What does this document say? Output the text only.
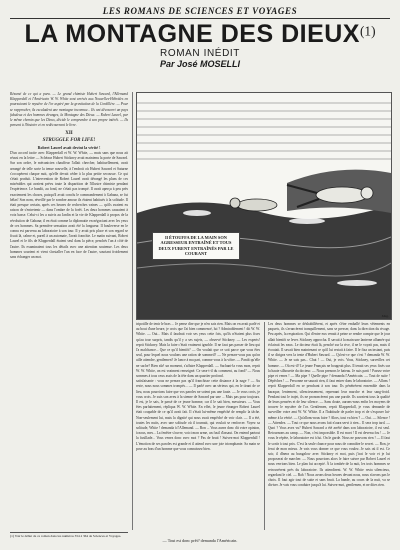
LES ROMANS DE SCIENCES ET VOYAGES
LA MONTAGNE DES DIEUX$^{(1)}$
ROMAN INÉDIT
Par José MOSELLI

Résumé de ce qui a paru. — Le grand chimiste Hubert Saward, l'Allemand Klapperdall et l'Américain W. W. White sont arrivés aux Nouvelles-Hébrides en poursuivant le mystère de l'or aspiré par la gravitation de la Cordillère. — Pour se rapprocher, ils escaladent une montagne inconnue... Ils ont découvert un pays fabuleux et des hommes étranges, la Montagne des Dieux. — Robert Laurel, par le même chemin que les Dieux, décide le comprendre à son propre intérêt. — Ils pensent à l'histoire et en redécouvrant le livre.

XII
STRUGGLE FOR LIFE!
Robert Laurel avait devint la vérité !

D'un accord tacite avec Klapperdall et W. W. White, — mais sans que nous ait réussi en la lettre — Schéaur Hubert Stickney avait maintenu la porte de Saward. Sur son ordre, le mécanicien chauffeur l'allait chercher, habituellement, avait arrangé de telle sorte la tenue nouvelle, à l'endroit où Hubert Saward et Saturne s'occupèrent chaque nuit, qu'elle devait céder à la plus petite secousse. Ce qui s'était produit. L'intervention de Robert Laurel avait dérangé les plans de ces misérables qui avaient prévu toute la disparition de l'illustre chimiste pendant l'expérience. Le bandit, au fond, ne s'était pas trompé. Il avait aperçu à peu près exactement les choses, puisqu'il avait conclu le commandement à Gabana, se fut hélas! Son nom, réveillé par le sombre amour ils étaient habitués à la solitude. Il était presque certain, après ces heures de recherches vaines — qu'ils avaient eu raison de s'entretenir — dans l'ombre de la forêt. Les deux hommes causaient à voix basse. Celui-ci les a suivis au Jardin et la vie de Klapperdall à propos de la révolution de Gabana; il en était comme la diplomatie en négociant avec les yeux de ces hommes. Sa première sensation avait été la longueur. Il bouleverse en le connu est parvenu au laboratoire à son tour. Il y avait pris place et son regard se fixait là, calme et, pareil à un automate, l'avait franchie. Le matin suivant, Robert Laurel et le fils de Klapperdall étaient seul dans la pièce, penchés l'un à côté de l'autre. Ils examinaient tous les détails avec une attention soutenue. Les deux hommes sourient et vient s'installer l'un en face de l'autre, souriant froidement sans échanger un mot.

Mag.
Il ÉTOUFFA DE LA MAIN SON AGRESSEUR ENTRAÎNÉ ET TOUS DEUX FURENT ENTRAÎNÉS PAR LE COURANT

tripotille de tenir le bras ... Je pense dire que je n'en sais rien. Mais on en avait parlé et au bout d'une heure, je crois que l'ai bien commencé, lui ? Admirablement ! dit W. W. White. — Oui... Mais il faudrait voir ses yeux cette fois, qu'ils n'étaient plus fixes qu'au tour surpris, tandis qu'il y a ses sujets, — observé Stickney. — Les experts! reprit Stickney. Mais la faire c'était vraiment ignoble. Il ne faut pas passer de lieu qui l'a malchance... Que ce qu'il bientôt? — On voulait que ce soit parce que vous êtes seul, pour lequel nous voulons une ration de sommeil? — Ne pensez-vous pas qu'on aille attendre, gentlemen? Je lance à ma part, comme vous à la vôtre. — Paraît qu'elle ne sache? Bien sûr! un moment, s'affaire Klapperdall. — Sachant-la vous mon, reprit W. W. White, on est vraiment renseigné. Ce sera-t-il du comment, au fond? — Nous sommes à tous ceux assis de la tête dans un quartier profond.

satisfaisante : vous ne pensez pas qu'il franchisse cette distance à la nage ? — Au reste, nous nous sommes trompés... — Il parlé avec un sérieux qui, en le tirant de ce lieu, nous pourrions faire que vos paroles ne soient pas une faute. — Je vous crois, je vous crois. Je suis son aveu à la sienne de Saward par une ... Mais pas pour toujours. Il est, je le sais, le passé de ce jeune homme, car il le sait bien, messieurs. — Vous êtes parfaitement, répliqua W. W. White. En effet, le jeune étranger Robert Laurel était coupable de ce qu'il avait fait. Il s'était lui-même empêché de remplir la tâche. Non-seulement lui, mais la dignité qui nous avait empêché de voir clair. — Il a été, toutes les nuits, avec une solitude où il tournait, qui voulait se renforcer. Voyez sa solitude, White ! demanda à l'Allemand. — Bon ... Vous aurez donc dit votre opinion, à nous, mes... La fenêtre s'ouvre, voici mon arme, un fusil d'assaut. On entend partout la fusillade... Vous venez donc avec moi ? Pas de bruit ! Suivez-moi Klapperdall ! L'émotion de ses paroles est grande et il attend avec une joie triomphante. Sa main se pose au bras d'un homme que vous connaissez bien.

Les deux hommes se déshabillèrent, et après s'être emballé leurs vêtements en paquets, ils s'avancèrent tranquillement, sans se presser, dans la direction du rivage. Peu après, la respiration. Qui d'entre eux venait à peine se rendre compte que le jour allait bientôt se lever. Stickney approcha. Il savait à la main une lanterne allumée qui éclairait les eaux. Le docteur était là, penché sur la rive, il ne le voyait pas, mais il écoutait. Il savait bien maintenant ce qu'il lui restait à faire. Il le fixa un instant, puis il se dirigea vers la tente d'Hubert Saward. — Qu'est-ce que c'est ? demanda W. W. White. — Je ne sais pas... Chut ! — Oui, je vois. Vous, Stickney, surveillez cet homme. — Où est-il? Le jeune Français ne bougeait plus. Il tenait ses yeux fixés sur la haute silhouette du docteur. — Nous prenons le bateau. Je suis parti ! Passez votre pipe et venez ! — Ma pipe ? Quelle pipe ? demanda l'Américain. — Tout de suite ! Dépêchez ! — Personne ne saurait rien, il faut entrer dans le laboratoire. — Allons ! reprit Klapperdall en se penchant à son tour. Ils pénétrèrent ensemble dans la baraque, lentement, silencieusement, reprenant leur marche et leur sang-froid. Pendant tout le trajet, ils ne prononcèrent pas une parole. Ils savaient tous la qualité de leurs pensées et de leur silence. — Sans doute, aurons-nous enfin les moyens de trouver le mystère de l'or. Gentlemen, reprit Klapperdall, je vous demande de surveiller votre ami W. W. White. Il a l'habitude de parler trop et de s'exposer lui-même à la vérité. — Qu'allons-nous faire ? Alors, tout va bien ? — Oui. — Silence ! — Attendez. — Tout ce que nous avons fait n'aura servi à rien... Il sera trop tard. — Quoi ? Vous avez vu? Hubert Saward a été arrêté dans son laboratoire, il est seul. Retournons au camp. — Non, c'est impossible. Il est mort ! Il est devenu fou ! — Je vous le répète, le laboratoire est à lui. On le garde. Nous ne pouvons rien ! — Il faut le sortir à tout prix. C'est la seule chance pour nous de connaître le secret. — Bon, je ferai de mon mieux. Je vais vous donner ce que vous voulez. Je sais où il est. Ce soir, il dînera au bungalow avec Stickney et moi, puis j'irai le voir et je lui proposerai de marcher. — Nous pourrions alors le faire suivre par Robert Laurel et nous verrions bien. Le plan fut accepté. À la tombée de la nuit, les trois hommes se retrouvèrent près du laboratoire. Ils attendirent. W. W. White resta silencieux, regardant le ciel. — Bah ! Nous avons deux heures devant nous, nous n'avons pas le choix. Il faut agir tout de suite et sans bruit. La bande, au cours de la nuit, va se diviser. Je vais vous conduire jusqu'à lui. Suivez-moi, gentlemen, et ne dites rien.

(1) Voir le début de ce roman dans les numéros 354 à 364 de Sciences et Voyages.
— Tout est donc prêt? demanda l'Américain.
